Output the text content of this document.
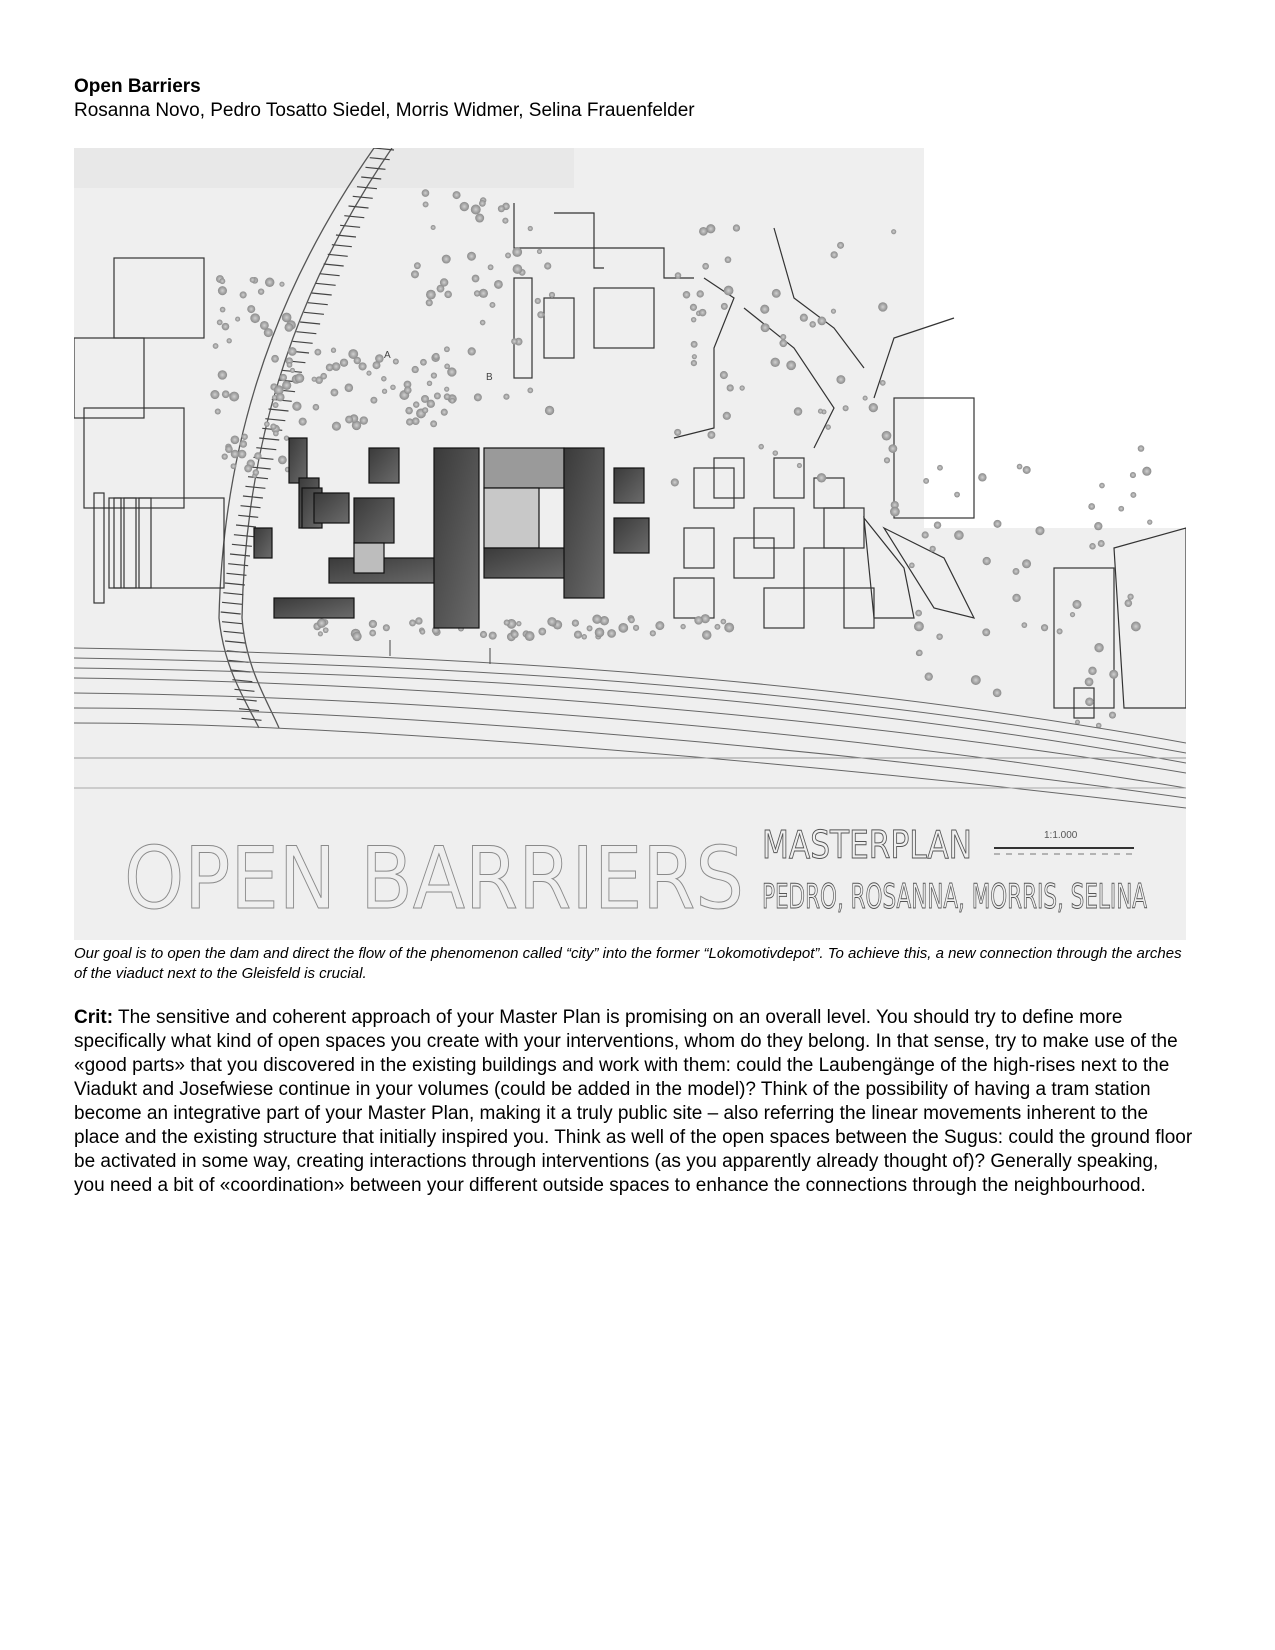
Open Barriers
Rosanna Novo, Pedro Tosatto Siedel, Morris Widmer, Selina Frauenfelder
A
B
OPEN BARRIERS MASTERPLAN
PEDRO, ROSANNA, MORRIS, SELINA
1:1.000
Our goal is to open the dam and direct the flow of the phenomenon called “city” into the former “Lokomotivdepot”. To achieve this, a new connection through the arches of the viaduct next to the Gleisfeld is crucial.
Crit: The sensitive and coherent approach of your Master Plan is promising on an overall level. You should try to define more specifically what kind of open spaces you create with your interventions, whom do they belong. In that sense, try to make use of the «good parts» that you discovered in the existing buildings and work with them: could the Laubengänge of the high-rises next to the Viadukt and Josefwiese continue in your volumes (could be added in the model)? Think of the possibility of having a tram station become an integrative part of your Master Plan, making it a truly public site – also referring the linear movements inherent to the place and the existing structure that initially inspired you. Think as well of the open spaces between the Sugus: could the ground floor be activated in some way, creating interactions through interventions (as you apparently already thought of)? Generally speaking, you need a bit of «coordination» between your different outside spaces to enhance the connections through the neighbourhood.
